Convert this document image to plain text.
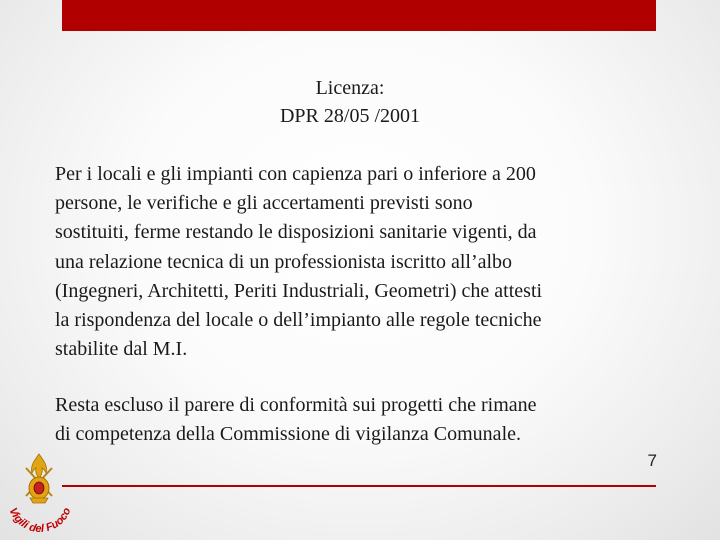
Licenza:
DPR 28/05 /2001

Per i locali e gli impianti con capienza pari o inferiore a 200
persone, le verifiche e gli accertamenti previsti sono
sostituiti, ferme restando le disposizioni sanitarie vigenti, da
una relazione tecnica di un professionista iscritto all’albo
(Ingegneri, Architetti, Periti Industriali, Geometri) che attesti
la rispondenza del locale o dell’impianto alle regole tecniche
stabilite dal M.I.

Resta escluso il parere di conformità sui progetti che rimane
di competenza della Commissione di vigilanza Comunale.

7
Vigili del Fuoco
